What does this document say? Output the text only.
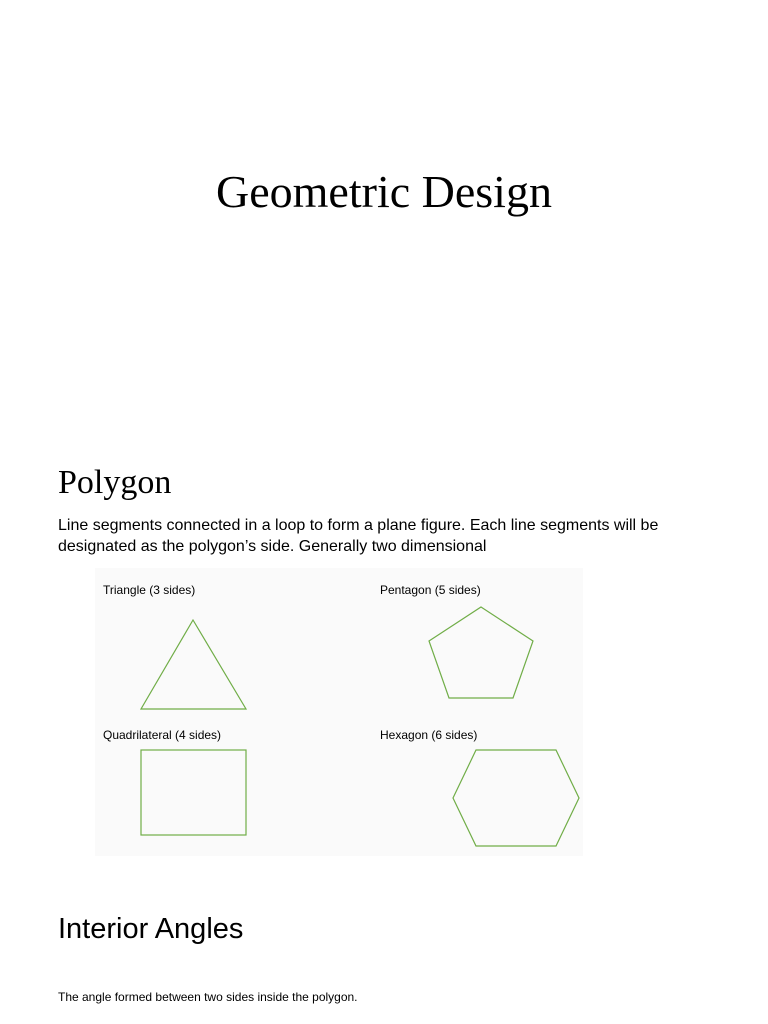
Geometric Design
Polygon
Line segments connected in a loop to form a plane figure. Each line segments will be designated as the polygon’s side. Generally two dimensional
Triangle (3 sides)	Pentagon (5 sides)
Quadrilateral (4 sides)	Hexagon (6 sides)
Interior Angles
The angle formed between two sides inside the polygon.
